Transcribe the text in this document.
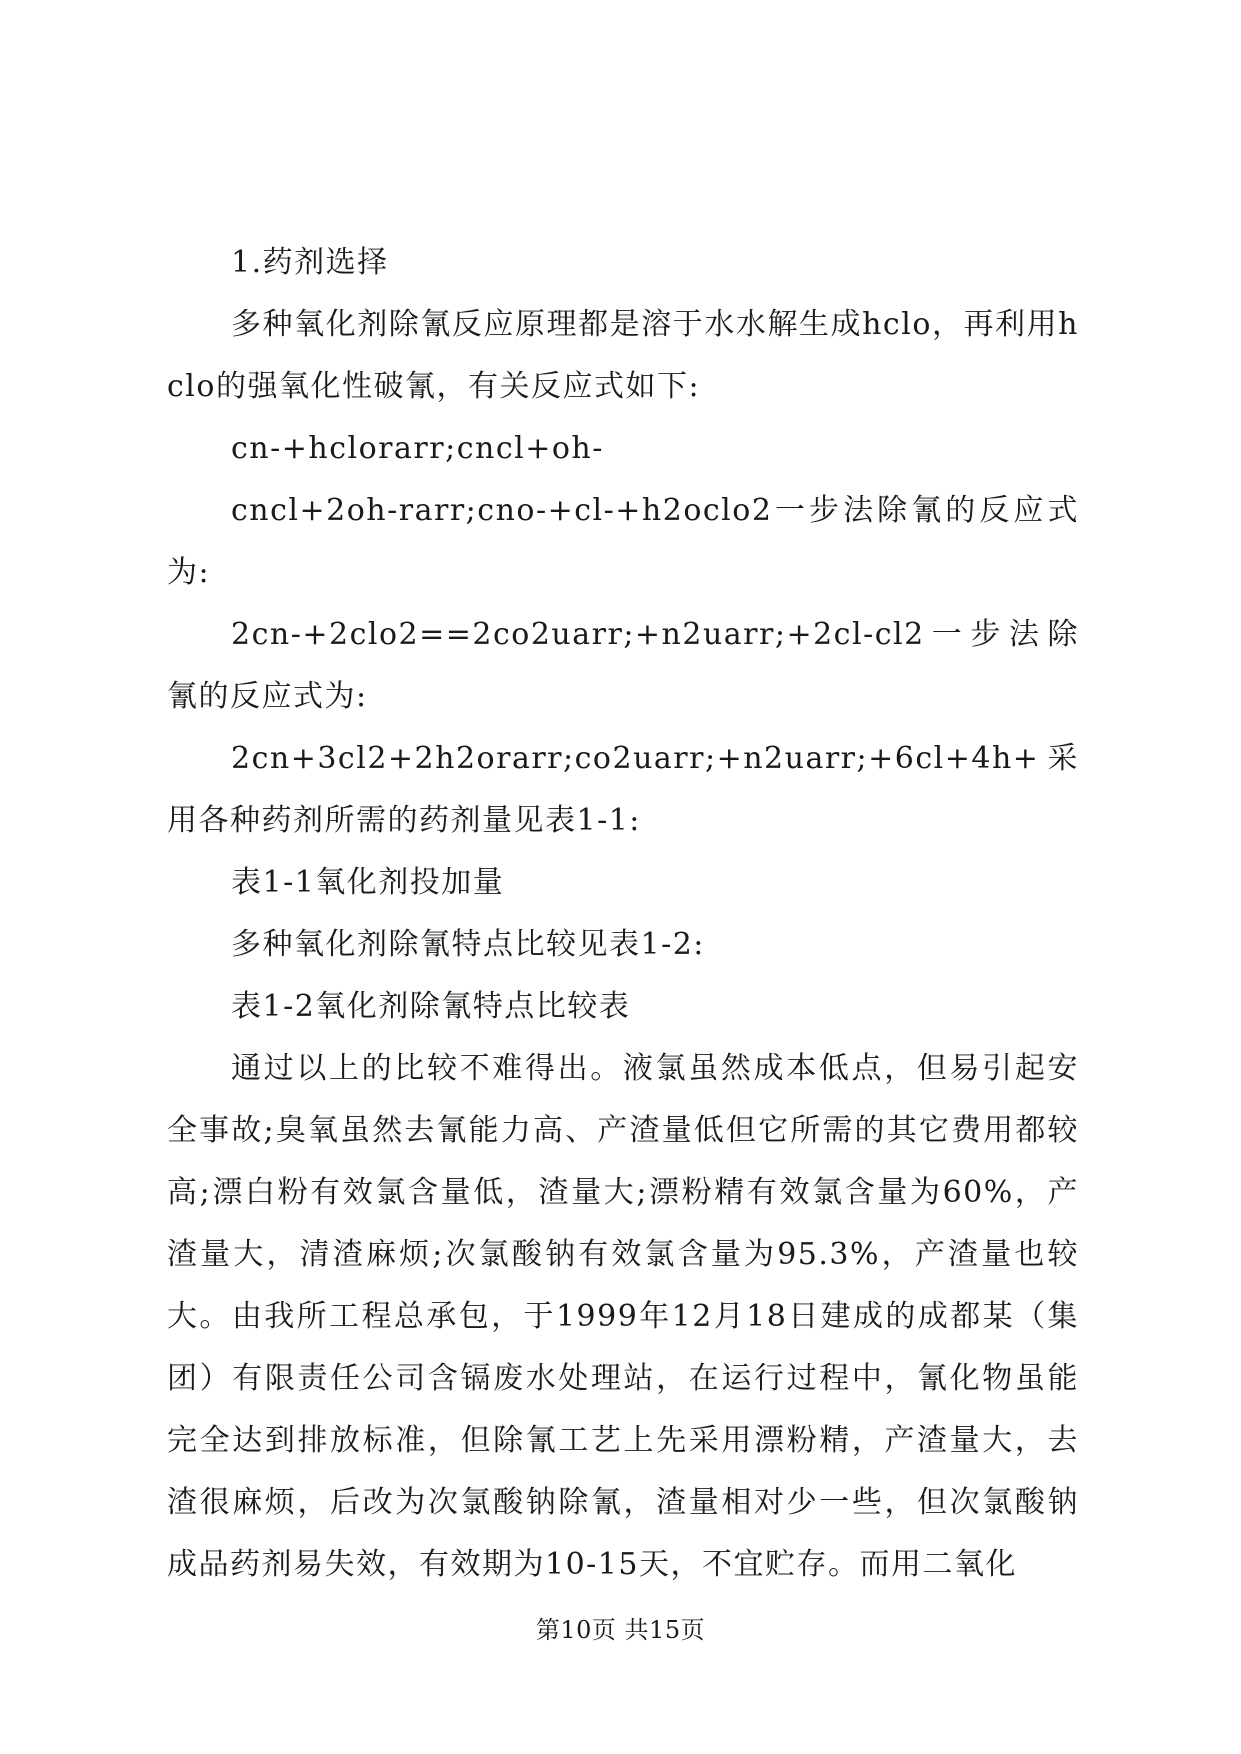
1.药剂选择

多种氧化剂除氰反应原理都是溶于水水解生成hclo，再利用hclo的强氧化性破氰，有关反应式如下:

cn-+hclorarr;cncl+oh-

cncl+2oh-rarr;cno-+cl-+h2oclo2一步法除氰的反应式为:

2cn-+2clo2==2co2uarr;+n2uarr;+2cl-cl2一步法除氰的反应式为:

2cn+3cl2+2h2orarr;co2uarr;+n2uarr;+6cl+4h+采用各种药剂所需的药剂量见表1-1:

表1-1氧化剂投加量

多种氧化剂除氰特点比较见表1-2:

表1-2氧化剂除氰特点比较表

通过以上的比较不难得出。液氯虽然成本低点，但易引起安全事故;臭氧虽然去氰能力高、产渣量低但它所需的其它费用都较高;漂白粉有效氯含量低，渣量大;漂粉精有效氯含量为60%，产渣量大，清渣麻烦;次氯酸钠有效氯含量为95.3%，产渣量也较大。由我所工程总承包，于1999年12月18日建成的成都某（集团）有限责任公司含镉废水处理站，在运行过程中，氰化物虽能完全达到排放标准，但除氰工艺上先采用漂粉精，产渣量大，去渣很麻烦，后改为次氯酸钠除氰，渣量相对少一些，但次氯酸钠成品药剂易失效，有效期为10-15天，不宜贮存。而用二氧化

第10页 共15页
